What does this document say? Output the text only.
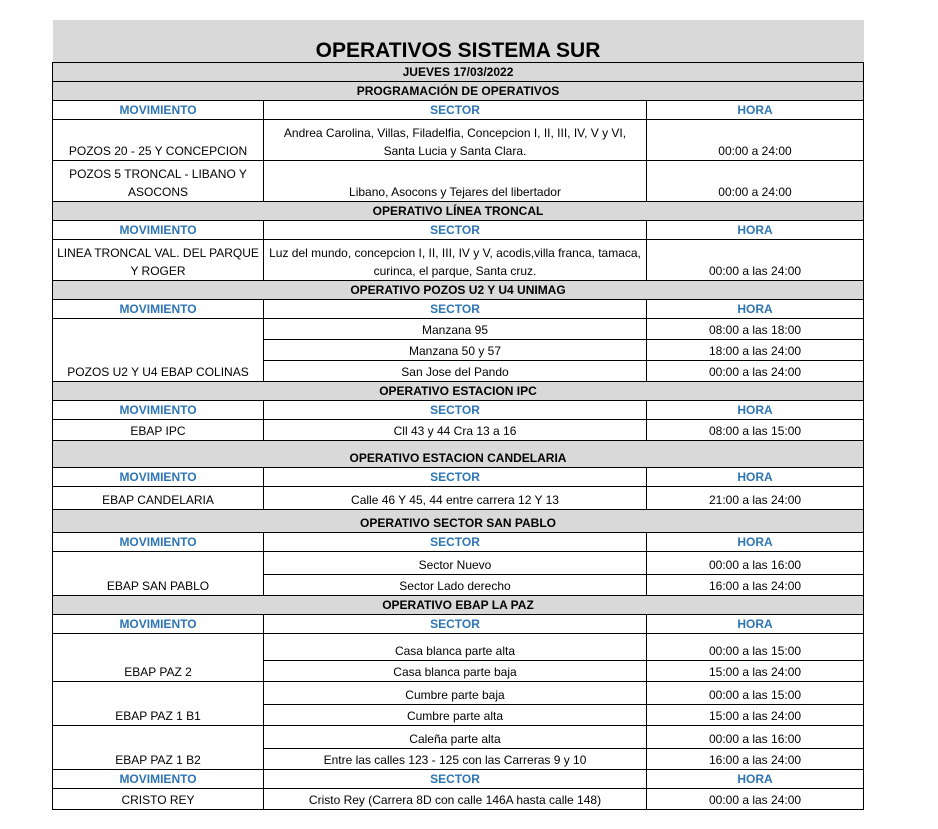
OPERATIVOS SISTEMA SUR		
JUEVES 17/03/2022		
PROGRAMACIÓN DE OPERATIVOS		
MOVIMIENTO	SECTOR	HORA
POZOS 20 - 25 Y CONCEPCION	Andrea Carolina, Villas, Filadelfia, Concepcion I, II, III, IV, V y VI, Santa Lucia y Santa Clara.	00:00 a 24:00
POZOS 5 TRONCAL - LIBANO Y ASOCONS	Libano, Asocons y Tejares del libertador	00:00 a 24:00
OPERATIVO LÍNEA TRONCAL		
MOVIMIENTO	SECTOR	HORA
LINEA TRONCAL VAL. DEL PARQUE Y ROGER	Luz del mundo, concepcion I, II, III, IV y V, acodis,villa franca, tamaca, curinca, el parque, Santa cruz.	00:00 a las 24:00
OPERATIVO POZOS U2 Y U4 UNIMAG		
MOVIMIENTO	SECTOR	HORA
POZOS U2 Y U4 EBAP COLINAS	Manzana 95	08:00 a las 18:00
	Manzana 50 y 57	18:00 a las 24:00
	San Jose del Pando	00:00 a las 24:00
OPERATIVO ESTACION IPC		
MOVIMIENTO	SECTOR	HORA
EBAP IPC	Cll 43 y 44 Cra 13 a 16	08:00 a las 15:00
OPERATIVO ESTACION CANDELARIA		
MOVIMIENTO	SECTOR	HORA
EBAP CANDELARIA	Calle 46 Y 45, 44 entre carrera 12 Y 13	21:00 a las 24:00
OPERATIVO SECTOR SAN PABLO		
MOVIMIENTO	SECTOR	HORA
EBAP SAN PABLO	Sector Nuevo	00:00 a las 16:00
	Sector Lado derecho	16:00 a las 24:00
OPERATIVO EBAP LA PAZ		
MOVIMIENTO	SECTOR	HORA
EBAP PAZ 2	Casa blanca parte alta	00:00 a las 15:00
	Casa blanca parte baja	15:00 a las 24:00
EBAP PAZ 1 B1	Cumbre parte baja	00:00 a las 15:00
	Cumbre parte alta	15:00 a las 24:00
EBAP PAZ 1 B2	Caleña parte alta	00:00 a las 16:00
	Entre las calles 123 - 125 con las Carreras 9 y 10	16:00 a las 24:00
MOVIMIENTO	SECTOR	HORA
CRISTO REY	Cristo Rey (Carrera 8D con calle 146A hasta calle 148)	00:00 a las 24:00
